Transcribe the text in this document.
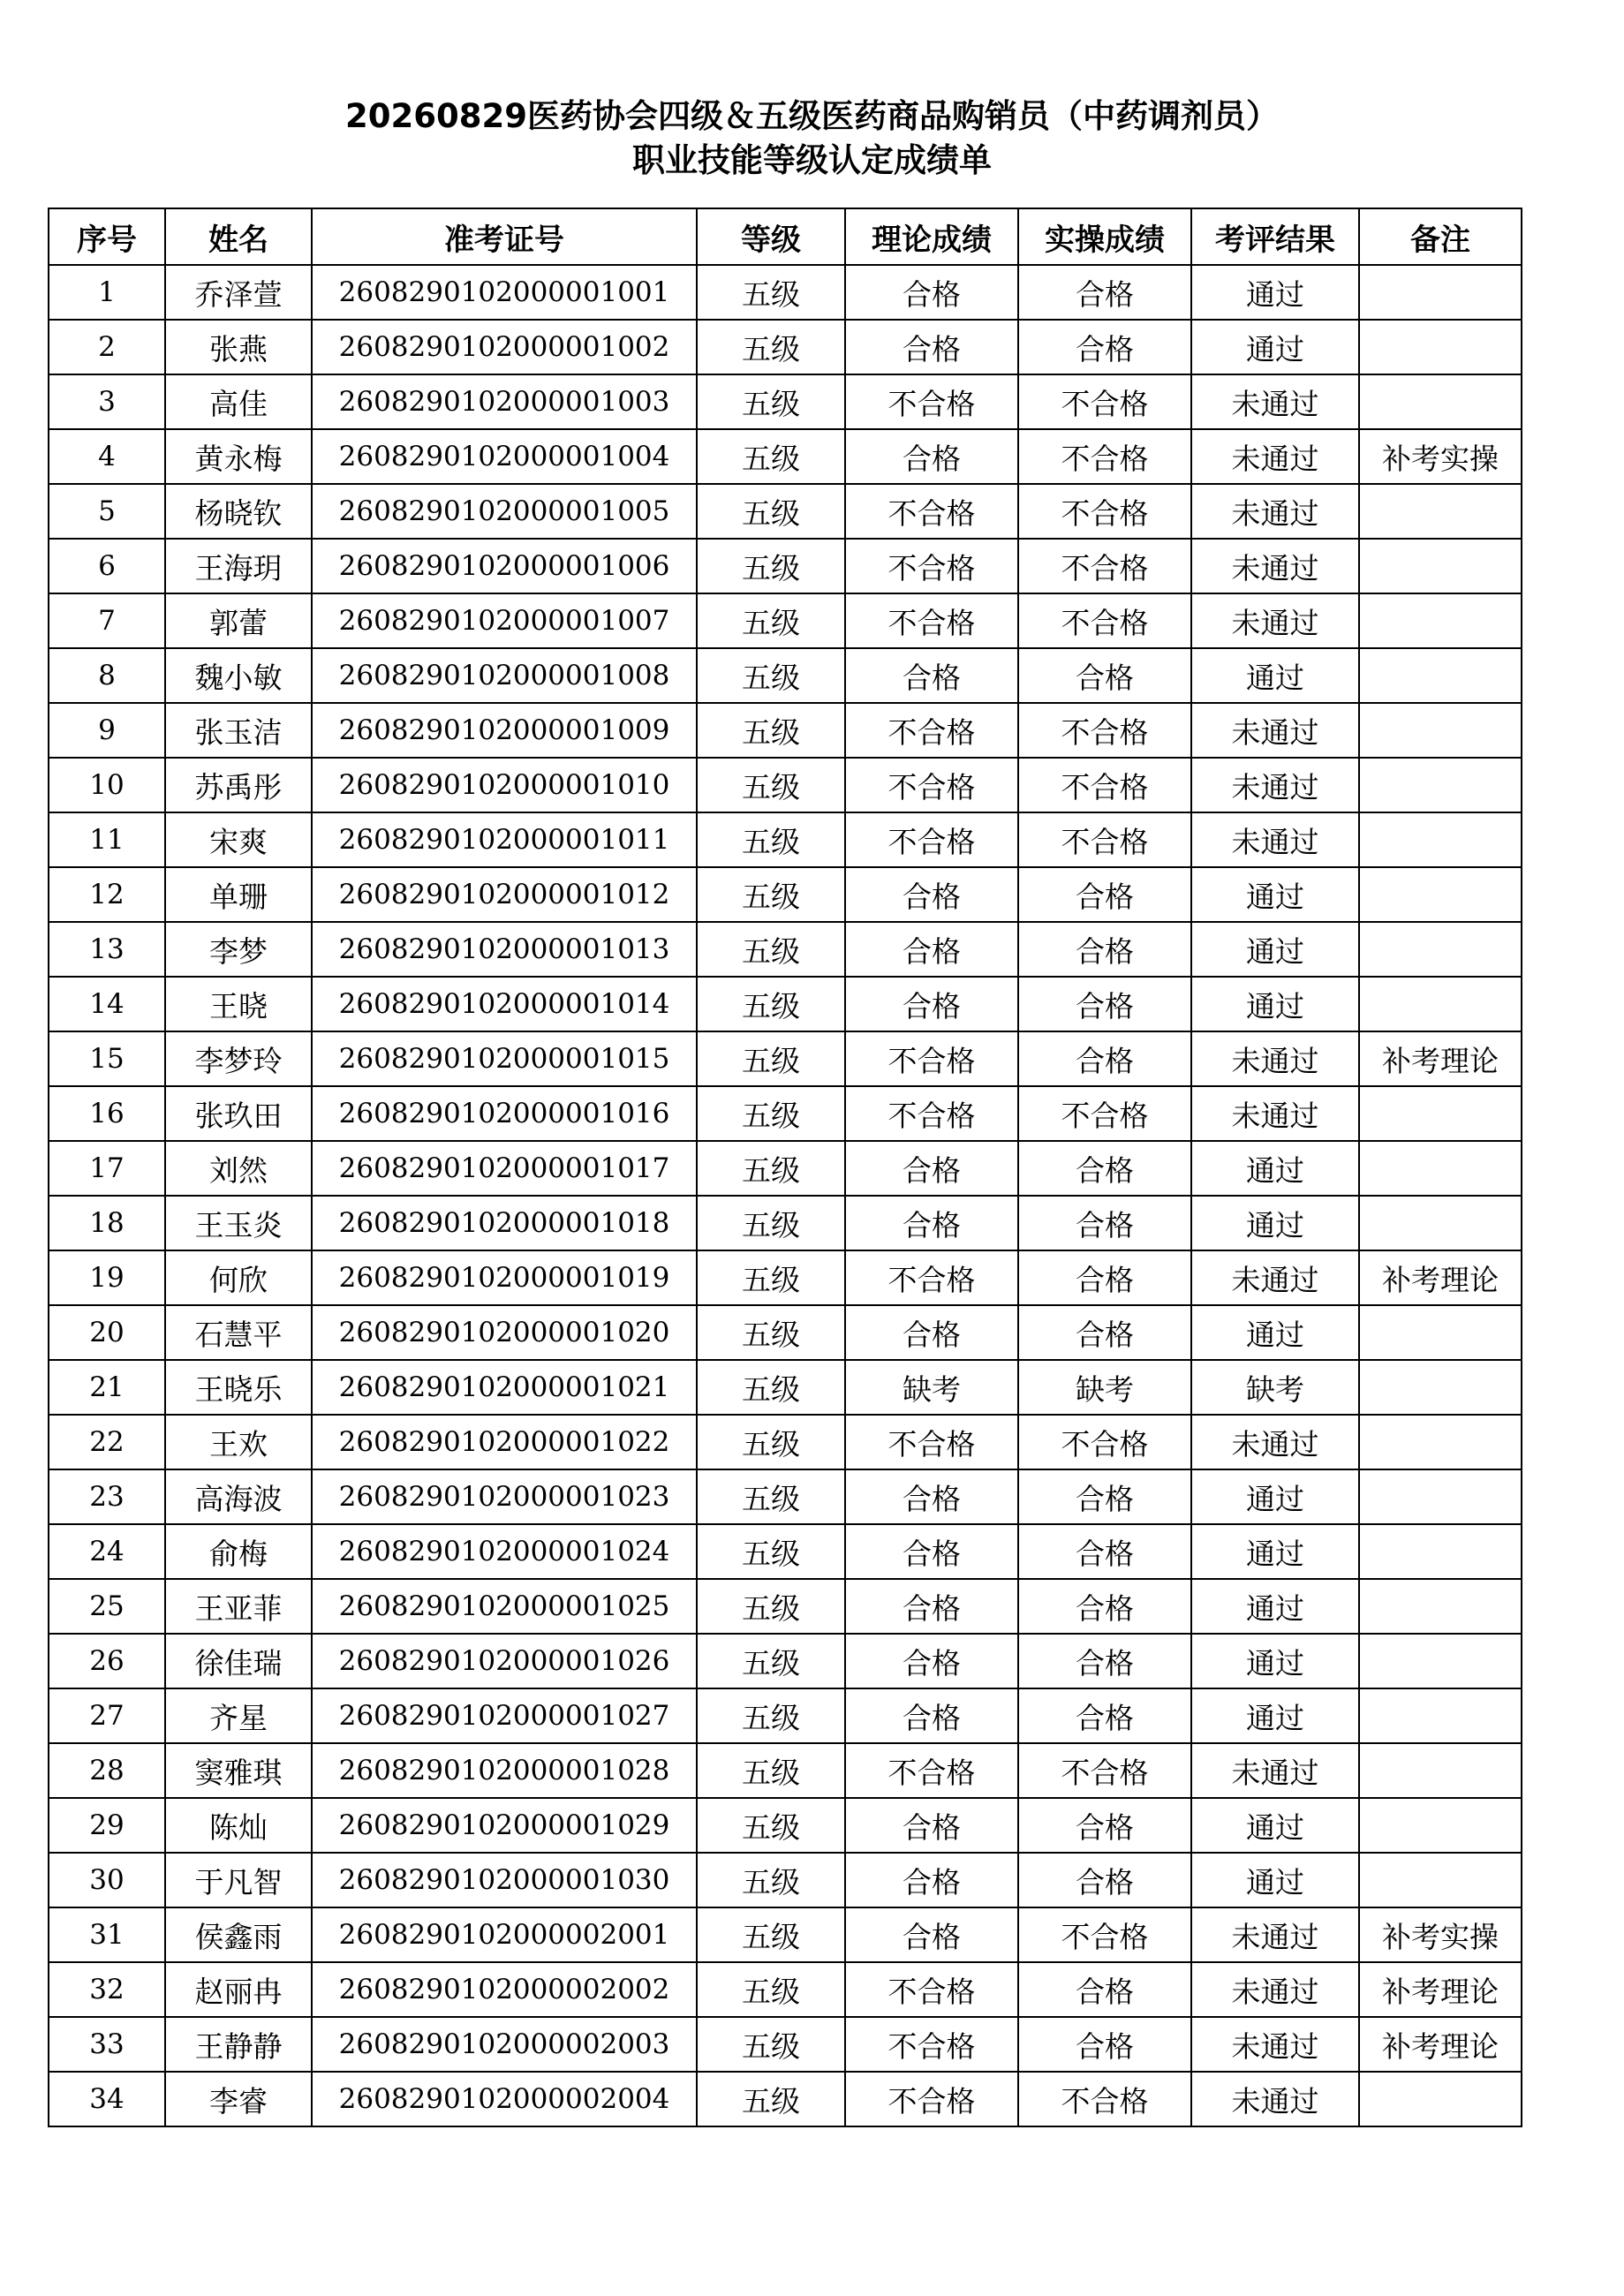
20260829医药协会四级＆五级医药商品购销员（中药调剂员）
职业技能等级认定成绩单
序号	姓名	准考证号	等级	理论成绩	实操成绩	考评结果	备注
1	乔泽萱	2608290102000001001	五级	合格	合格	通过	
2	张燕	2608290102000001002	五级	合格	合格	通过	
3	高佳	2608290102000001003	五级	不合格	不合格	未通过	
4	黄永梅	2608290102000001004	五级	合格	不合格	未通过	补考实操
5	杨晓钦	2608290102000001005	五级	不合格	不合格	未通过	
6	王海玥	2608290102000001006	五级	不合格	不合格	未通过	
7	郭蕾	2608290102000001007	五级	不合格	不合格	未通过	
8	魏小敏	2608290102000001008	五级	合格	合格	通过	
9	张玉洁	2608290102000001009	五级	不合格	不合格	未通过	
10	苏禹彤	2608290102000001010	五级	不合格	不合格	未通过	
11	宋爽	2608290102000001011	五级	不合格	不合格	未通过	
12	单珊	2608290102000001012	五级	合格	合格	通过	
13	李梦	2608290102000001013	五级	合格	合格	通过	
14	王晓	2608290102000001014	五级	合格	合格	通过	
15	李梦玲	2608290102000001015	五级	不合格	合格	未通过	补考理论
16	张玖田	2608290102000001016	五级	不合格	不合格	未通过	
17	刘然	2608290102000001017	五级	合格	合格	通过	
18	王玉炎	2608290102000001018	五级	合格	合格	通过	
19	何欣	2608290102000001019	五级	不合格	合格	未通过	补考理论
20	石慧平	2608290102000001020	五级	合格	合格	通过	
21	王晓乐	2608290102000001021	五级	缺考	缺考	缺考	
22	王欢	2608290102000001022	五级	不合格	不合格	未通过	
23	高海波	2608290102000001023	五级	合格	合格	通过	
24	俞梅	2608290102000001024	五级	合格	合格	通过	
25	王亚菲	2608290102000001025	五级	合格	合格	通过	
26	徐佳瑞	2608290102000001026	五级	合格	合格	通过	
27	齐星	2608290102000001027	五级	合格	合格	通过	
28	窦雅琪	2608290102000001028	五级	不合格	不合格	未通过	
29	陈灿	2608290102000001029	五级	合格	合格	通过	
30	于凡智	2608290102000001030	五级	合格	合格	通过	
31	侯鑫雨	2608290102000002001	五级	合格	不合格	未通过	补考实操
32	赵丽冉	2608290102000002002	五级	不合格	合格	未通过	补考理论
33	王静静	2608290102000002003	五级	不合格	合格	未通过	补考理论
34	李睿	2608290102000002004	五级	不合格	不合格	未通过	
